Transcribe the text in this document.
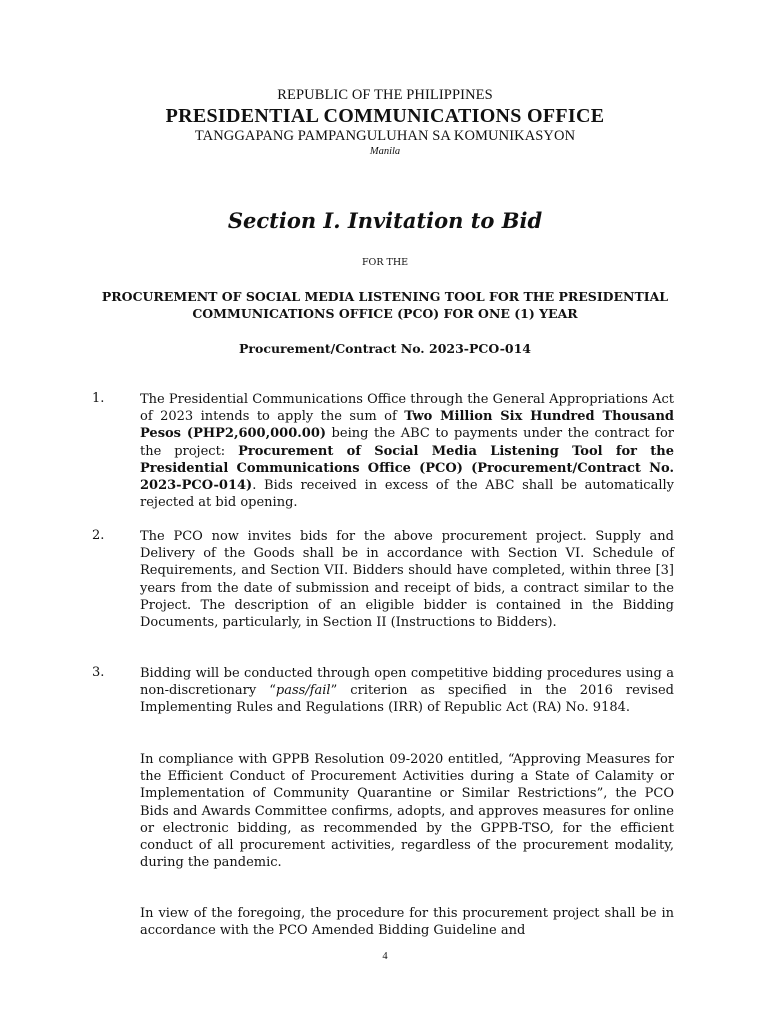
REPUBLIC OF THE PHILIPPINES
PRESIDENTIAL COMMUNICATIONS OFFICE
TANGGAPANG PAMPANGULUHAN SA KOMUNIKASYON
Manila
Section I. Invitation to Bid
FOR THE
PROCUREMENT OF SOCIAL MEDIA LISTENING TOOL FOR THE PRESIDENTIAL COMMUNICATIONS OFFICE (PCO) FOR ONE (1) YEAR
Procurement/Contract No. 2023-PCO-014
1.	The Presidential Communications Office through the General Appropriations Act of 2023 intends to apply the sum of Two Million Six Hundred Thousand Pesos (PHP2,600,000.00) being the ABC to payments under the contract for the project: Procurement of Social Media Listening Tool for the Presidential Communications Office (PCO) (Procurement/Contract No. 2023-PCO-014). Bids received in excess of the ABC shall be automatically rejected at bid opening.
2.	The PCO now invites bids for the above procurement project. Supply and Delivery of the Goods shall be in accordance with Section VI. Schedule of Requirements, and Section VII. Bidders should have completed, within three [3] years from the date of submission and receipt of bids, a contract similar to the Project. The description of an eligible bidder is contained in the Bidding Documents, particularly, in Section II (Instructions to Bidders).
3.	Bidding will be conducted through open competitive bidding procedures using a non-discretionary “pass/fail” criterion as specified in the 2016 revised Implementing Rules and Regulations (IRR) of Republic Act (RA) No. 9184.
In compliance with GPPB Resolution 09-2020 entitled, “Approving Measures for the Efficient Conduct of Procurement Activities during a State of Calamity or Implementation of Community Quarantine or Similar Restrictions”, the PCO Bids and Awards Committee confirms, adopts, and approves measures for online or electronic bidding, as recommended by the GPPB-TSO, for the efficient conduct of all procurement activities, regardless of the procurement modality, during the pandemic.
In view of the foregoing, the procedure for this procurement project shall be in accordance with the PCO Amended Bidding Guideline and
4
